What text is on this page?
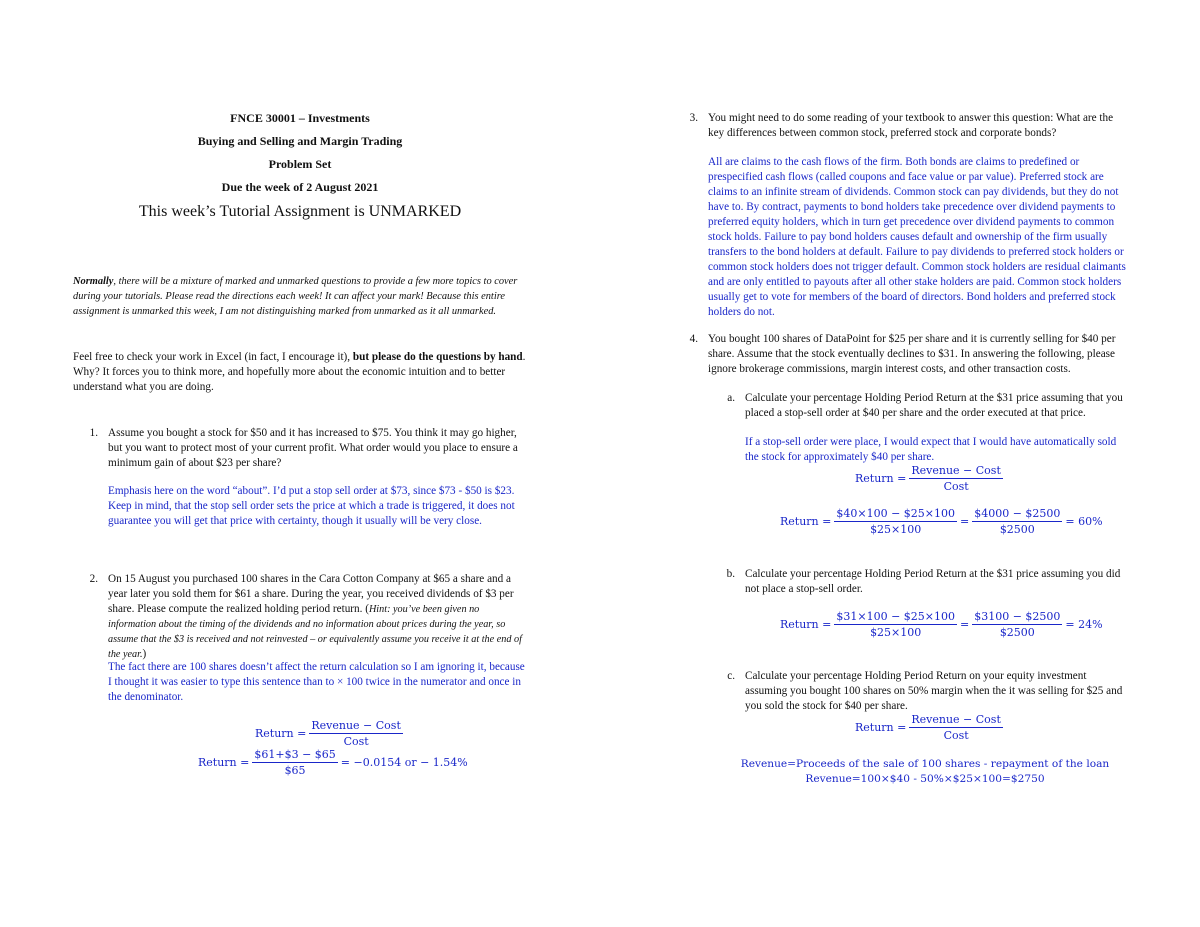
FNCE 30001 – Investments
Buying and Selling and Margin Trading
Problem Set
Due the week of 2 August 2021
This week’s Tutorial Assignment is UNMARKED
Normally, there will be a mixture of marked and unmarked questions to provide a few more topics to cover during your tutorials. Please read the directions each week! It can affect your mark! Because this entire assignment is unmarked this week, I am not distinguishing marked from unmarked as it all unmarked.
Feel free to check your work in Excel (in fact, I encourage it), but please do the questions by hand. Why? It forces you to think more, and hopefully more about the economic intuition and to better understand what you are doing.
1. Assume you bought a stock for $50 and it has increased to $75. You think it may go higher, but you want to protect most of your current profit. What order would you place to ensure a minimum gain of about $23 per share?
Emphasis here on the word “about”. I’d put a stop sell order at $73, since $73 - $50 is $23. Keep in mind, that the stop sell order sets the price at which a trade is triggered, it does not guarantee you will get that price with certainty, though it usually will be very close.
2. On 15 August you purchased 100 shares in the Cara Cotton Company at $65 a share and a year later you sold them for $61 a share. During the year, you received dividends of $3 per share. Please compute the realized holding period return. (Hint: you’ve been given no information about the timing of the dividends and no information about prices during the year, so assume that the $3 is received and not reinvested – or equivalently assume you receive it at the end of the year.)
The fact there are 100 shares doesn’t affect the return calculation so I am ignoring it, because I thought it was easier to type this sentence than to × 100 twice in the numerator and once in the denominator.
Return = $\frac{\text{Revenue − Cost}}{\text{Cost}}$
Return = $\frac{\$61+\$3 - \$65}{\$65} = -0.0154$ or − 1.54%
3. You might need to do some reading of your textbook to answer this question: What are the key differences between common stock, preferred stock and corporate bonds?
All are claims to the cash flows of the firm. Both bonds are claims to predefined or prespecified cash flows (called coupons and face value or par value). Preferred stock are claims to an infinite stream of dividends. Common stock can pay dividends, but they do not have to. By contract, payments to bond holders take precedence over dividend payments to preferred equity holders, which in turn get precedence over dividend payments to common stock holds. Failure to pay bond holders causes default and ownership of the firm usually transfers to the bond holders at default. Failure to pay dividends to preferred stock holders or common stock holders does not trigger default. Common stock holders are residual claimants and are only entitled to payouts after all other stake holders are paid. Common stock holders usually get to vote for members of the board of directors. Bond holders and preferred stock holders do not.
4. You bought 100 shares of DataPoint for $25 per share and it is currently selling for $40 per share. Assume that the stock eventually declines to $31. In answering the following, please ignore brokerage commissions, margin interest costs, and other transaction costs.
a. Calculate your percentage Holding Period Return at the $31 price assuming that you placed a stop-sell order at $40 per share and the order executed at that price.
If a stop-sell order were place, I would expect that I would have automatically sold the stock for approximately $40 per share.
Return = $\frac{\text{Revenue − Cost}}{\text{Cost}}$
Return = $\frac{\$40\times 100 - \$25\times 100}{\$25\times 100} = \frac{\$4000 - \$2500}{\$2500} = 60\%$
b. Calculate your percentage Holding Period Return at the $31 price assuming you did not place a stop-sell order.
Return = $\frac{\$31\times 100 - \$25\times 100}{\$25\times 100} = \frac{\$3100 - \$2500}{\$2500} = 24\%$
c. Calculate your percentage Holding Period Return on your equity investment assuming you bought 100 shares on 50% margin when the it was selling for $25 and you sold the stock for $40 per share.
Return = $\frac{\text{Revenue − Cost}}{\text{Cost}}$
Revenue=Proceeds of the sale of 100 shares - repayment of the loan
Revenue=100×$40 - 50%×$25×100=$2750
